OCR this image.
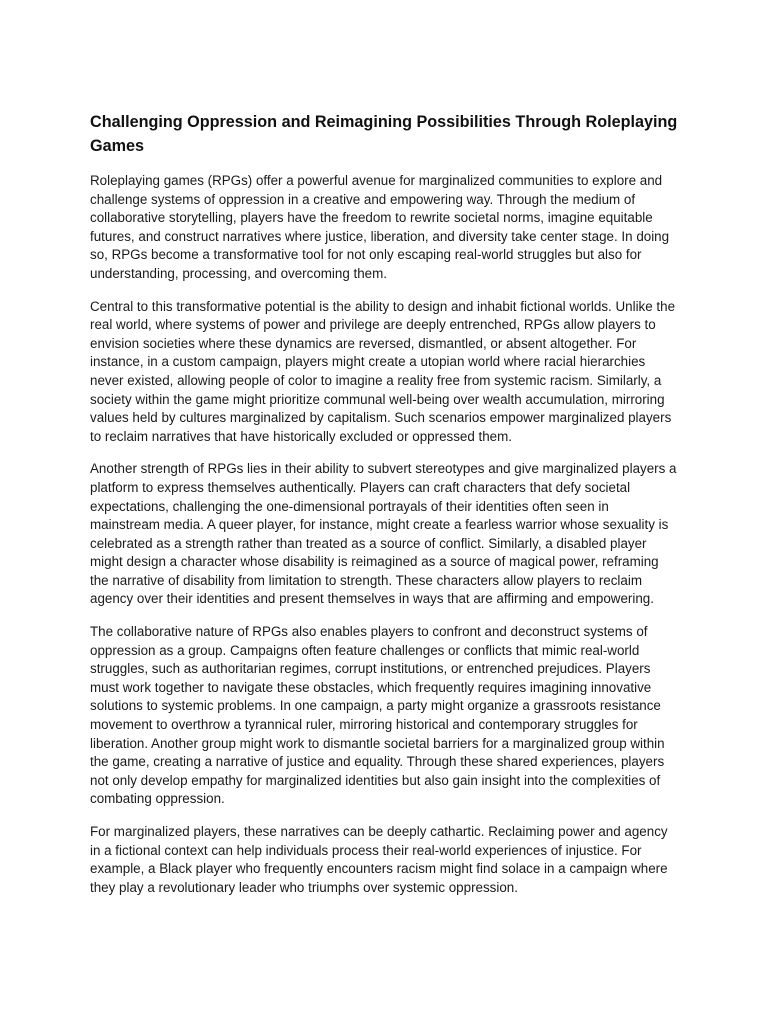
Challenging Oppression and Reimagining Possibilities Through Roleplaying Games

Roleplaying games (RPGs) offer a powerful avenue for marginalized communities to explore and challenge systems of oppression in a creative and empowering way. Through the medium of collaborative storytelling, players have the freedom to rewrite societal norms, imagine equitable futures, and construct narratives where justice, liberation, and diversity take center stage. In doing so, RPGs become a transformative tool for not only escaping real-world struggles but also for understanding, processing, and overcoming them.

Central to this transformative potential is the ability to design and inhabit fictional worlds. Unlike the real world, where systems of power and privilege are deeply entrenched, RPGs allow players to envision societies where these dynamics are reversed, dismantled, or absent altogether. For instance, in a custom campaign, players might create a utopian world where racial hierarchies never existed, allowing people of color to imagine a reality free from systemic racism. Similarly, a society within the game might prioritize communal well-being over wealth accumulation, mirroring values held by cultures marginalized by capitalism. Such scenarios empower marginalized players to reclaim narratives that have historically excluded or oppressed them.

Another strength of RPGs lies in their ability to subvert stereotypes and give marginalized players a platform to express themselves authentically. Players can craft characters that defy societal expectations, challenging the one-dimensional portrayals of their identities often seen in mainstream media. A queer player, for instance, might create a fearless warrior whose sexuality is celebrated as a strength rather than treated as a source of conflict. Similarly, a disabled player might design a character whose disability is reimagined as a source of magical power, reframing the narrative of disability from limitation to strength. These characters allow players to reclaim agency over their identities and present themselves in ways that are affirming and empowering.

The collaborative nature of RPGs also enables players to confront and deconstruct systems of oppression as a group. Campaigns often feature challenges or conflicts that mimic real-world struggles, such as authoritarian regimes, corrupt institutions, or entrenched prejudices. Players must work together to navigate these obstacles, which frequently requires imagining innovative solutions to systemic problems. In one campaign, a party might organize a grassroots resistance movement to overthrow a tyrannical ruler, mirroring historical and contemporary struggles for liberation. Another group might work to dismantle societal barriers for a marginalized group within the game, creating a narrative of justice and equality. Through these shared experiences, players not only develop empathy for marginalized identities but also gain insight into the complexities of combating oppression.

For marginalized players, these narratives can be deeply cathartic. Reclaiming power and agency in a fictional context can help individuals process their real-world experiences of injustice. For example, a Black player who frequently encounters racism might find solace in a campaign where they play a revolutionary leader who triumphs over systemic oppression.
